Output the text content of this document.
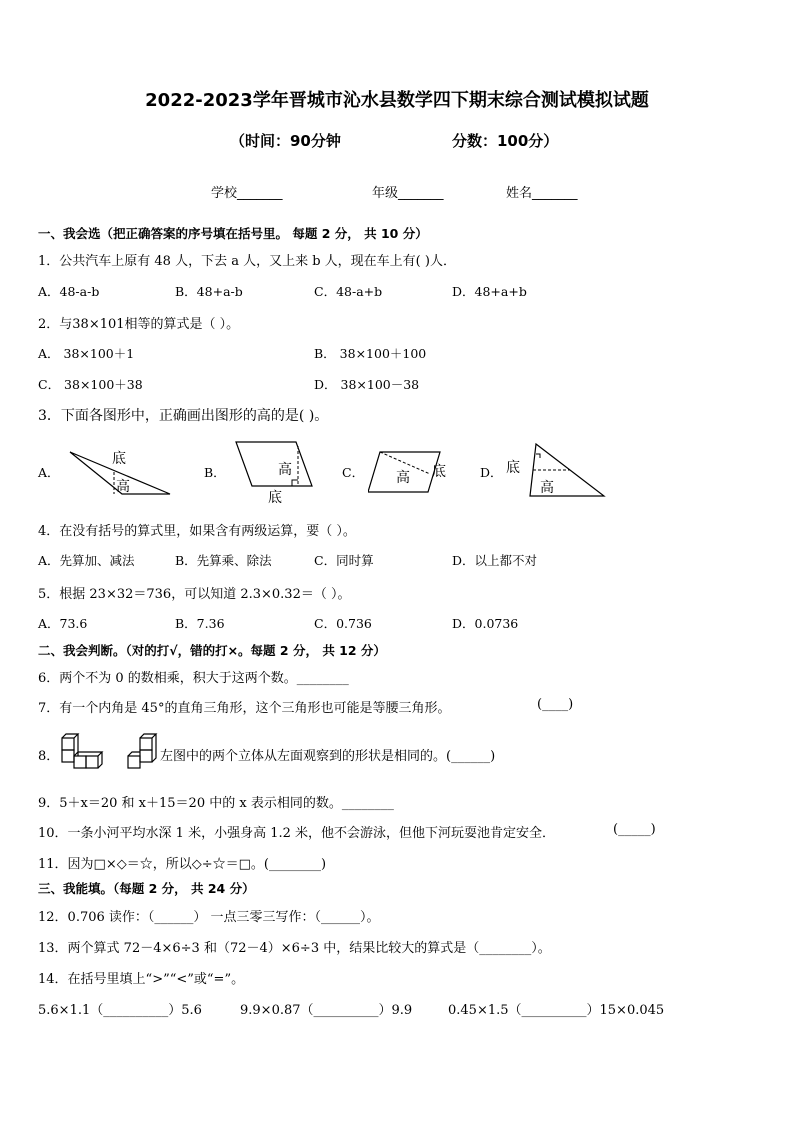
2022-2023学年晋城市沁水县数学四下期末综合测试模拟试题
（时间：90分钟	分数：100分）
学校_______	年级_______	姓名_______
一、我会选（把正确答案的序号填在括号里。 每题 2 分， 共 10 分）
1．公共汽车上原有 48 人，下去 a 人，又上来 b 人，现在车上有( )人．
A．48-a-b	B．48+a-b	C．48-a+b	D．48+a+b
2．与38×101相等的算式是（ ）。
A． 38×100＋1	B． 38×100＋100
C． 38×100＋38	D． 38×100－38
3．下面各图形中，正确画出图形的高的是( )。
A．	B．	C．	D．
底
高
高
底
高 底	底
高
4．在没有括号的算式里，如果含有两级运算，要（ ）。
A．先算加、减法	B．先算乘、除法	C．同时算	D．以上都不对
5．根据 23×32＝736，可以知道 2.3×0.32＝（ ）。
A．73.6	B．7.36	C．0.736	D．0.0736
二、我会判断。（对的打√，错的打×。每题 2 分， 共 12 分）
6．两个不为 0 的数相乘，积大于这两个数。________
7．有一个内角是 45°的直角三角形，这个三角形也可能是等腰三角形。	(____)
8．	左图中的两个立体从左面观察到的形状是相同的。(______)
9．5＋x＝20 和 x＋15＝20 中的 x 表示相同的数。________
10．一条小河平均水深 1 米，小强身高 1.2 米，他不会游泳，但他下河玩耍池肯定安全．	(_____)
11．因为□×◇＝☆，所以◇÷☆＝□。(________)
三、我能填。（每题 2 分， 共 24 分）
12．0.706 读作：（______） 一点三零三写作：（______）。
13．两个算式 72－4×6÷3 和（72－4）×6÷3 中，结果比较大的算式是（________）。
14．在括号里填上“>”“<”或“=”。
5.6×1.1（__________）5.6	9.9×0.87（__________）9.9	0.45×1.5（__________）15×0.045
